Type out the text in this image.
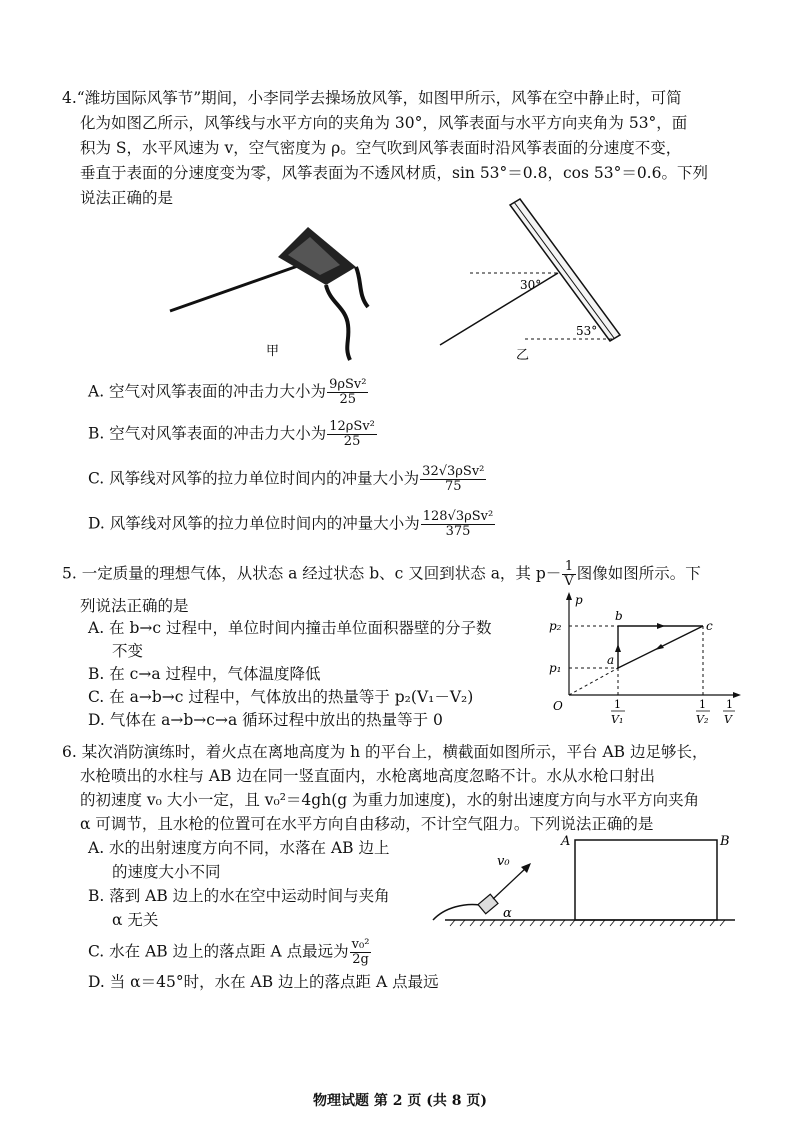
4.“潍坊国际风筝节”期间，小李同学去操场放风筝，如图甲所示，风筝在空中静止时，可简
化为如图乙所示，风筝线与水平方向的夹角为 30°，风筝表面与水平方向夹角为 53°，面
积为 S，水平风速为 v，空气密度为 ρ。空气吹到风筝表面时沿风筝表面的分速度不变，
垂直于表面的分速度变为零，风筝表面为不透风材质，sin 53°＝0.8，cos 53°＝0.6。下列
说法正确的是
甲
30°
53°
乙
A. 空气对风筝表面的冲击力大小为 $\frac{\text{9ρSv²}}{25}$
B. 空气对风筝表面的冲击力大小为 $\frac{\text{12ρSv²}}{25}$
C. 风筝线对风筝的拉力单位时间内的冲量大小为 $\frac{\text{32√3ρSv²}}{75}$
D. 风筝线对风筝的拉力单位时间内的冲量大小为 $\frac{\text{128√3ρSv²}}{375}$
5. 一定质量的理想气体，从状态 a 经过状态 b、c 又回到状态 a，其 $p- \frac{1}{V}$ 图像如图所示。下
列说法正确的是
A. 在 b→c 过程中，单位时间内撞击单位面积器壁的分子数
不变
B. 在 c→a 过程中，气体温度降低
C. 在 a→b→c 过程中，气体放出的热量等于 p₂(V₁－V₂)
D. 气体在 a→b→c→a 循环过程中放出的热量等于 0
p
p₂
p₁
O
a
b
c
1
V₁
1
V₂
1
V
6. 某次消防演练时，着火点在离地高度为 h 的平台上，横截面如图所示，平台 AB 边足够长，
水枪喷出的水柱与 AB 边在同一竖直面内，水枪离地高度忽略不计。水从水枪口射出
的初速度 v₀ 大小一定，且 v₀²＝4gh(g 为重力加速度)，水的射出速度方向与水平方向夹角
α 可调节，且水枪的位置可在水平方向自由移动，不计空气阻力。下列说法正确的是
A. 水的出射速度方向不同，水落在 AB 边上
的速度大小不同
B. 落到 AB 边上的水在空中运动时间与夹角
α 无关
C. 水在 AB 边上的落点距 A 点最远为 $\frac{\text{v₀²}}{2g}$
D. 当 α＝45°时，水在 AB 边上的落点距 A 点最远
A	B
v₀
α
物理试题 第 2 页 (共 8 页)
